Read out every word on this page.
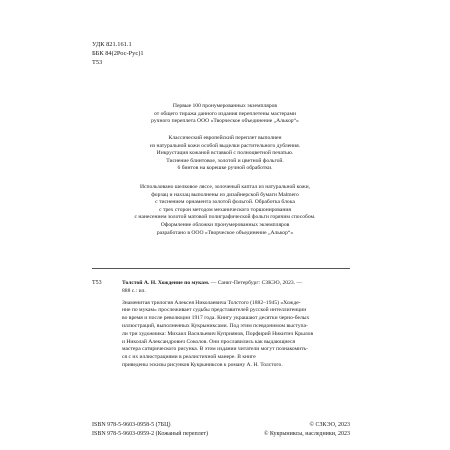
УДК 821.161.1
ББК 84(2Рос-Рус)1
Т53
Первые 100 пронумерованных экземпляров
от общего тиража данного издания переплетены мастерами
ручного переплета ООО «Творческое объединение „Алькор“»
Классический европейский переплет выполнен
из натуральной кожи особой выделки растительного дубления.
Инкрустация кожаной вставкой с полноцветной печатью.
Тиснение блинтовое, золотой и цветной фольгой.
6 бинтов на корешке ручной обработки.
Использовано шелковое ляссе, золоченый каптал из натуральной кожи,
форзац и нахзац выполнены из дизайнерской бумаги Malmero
с тиснением орнамента золотой фольгой. Обработка блока
с трех сторон методом механического торшонирования
с нанесением золотой матовой полиграфической фольги горячим способом.
Оформление обложки пронумерованных экземпляров
разработано в ООО «Творческое объединение „Алькор“»
Т53	Толстой А. Н. Хождение по мукам. — Санкт-Петербург: СЗКЭО, 2023. —
888 с.: ил.
Знаменитая трилогия Алексея Николаевича Толстого (1882–1945) «Хожде-
ние по мукам» прослеживает судьбы представителей русской интеллигенции
во время и после революции 1917 года. Книгу украшают десятки черно-белых
иллюстраций, выполненных Кукрыниксами. Под этим псевдонимом выступа-
ли три художника: Михаил Васильевич Куприянов, Порфирий Никитич Крылов
и Николай Александрович Соколов. Они прославились как выдающиеся
мастера сатирического рисунка. В этом издании читатели могут познакомить-
ся с их иллюстрациями в реалистичной манере. В книге
приведены эскизы рисунков Кукрыниксов к роману А. Н. Толстого.
ISBN 978-5-9603-0958-5 (7БЦ)
ISBN 978-5-9603-0959-2 (Кожаный переплет)
© СЗКЭО, 2023
© Кукрыниксы, наследники, 2023
